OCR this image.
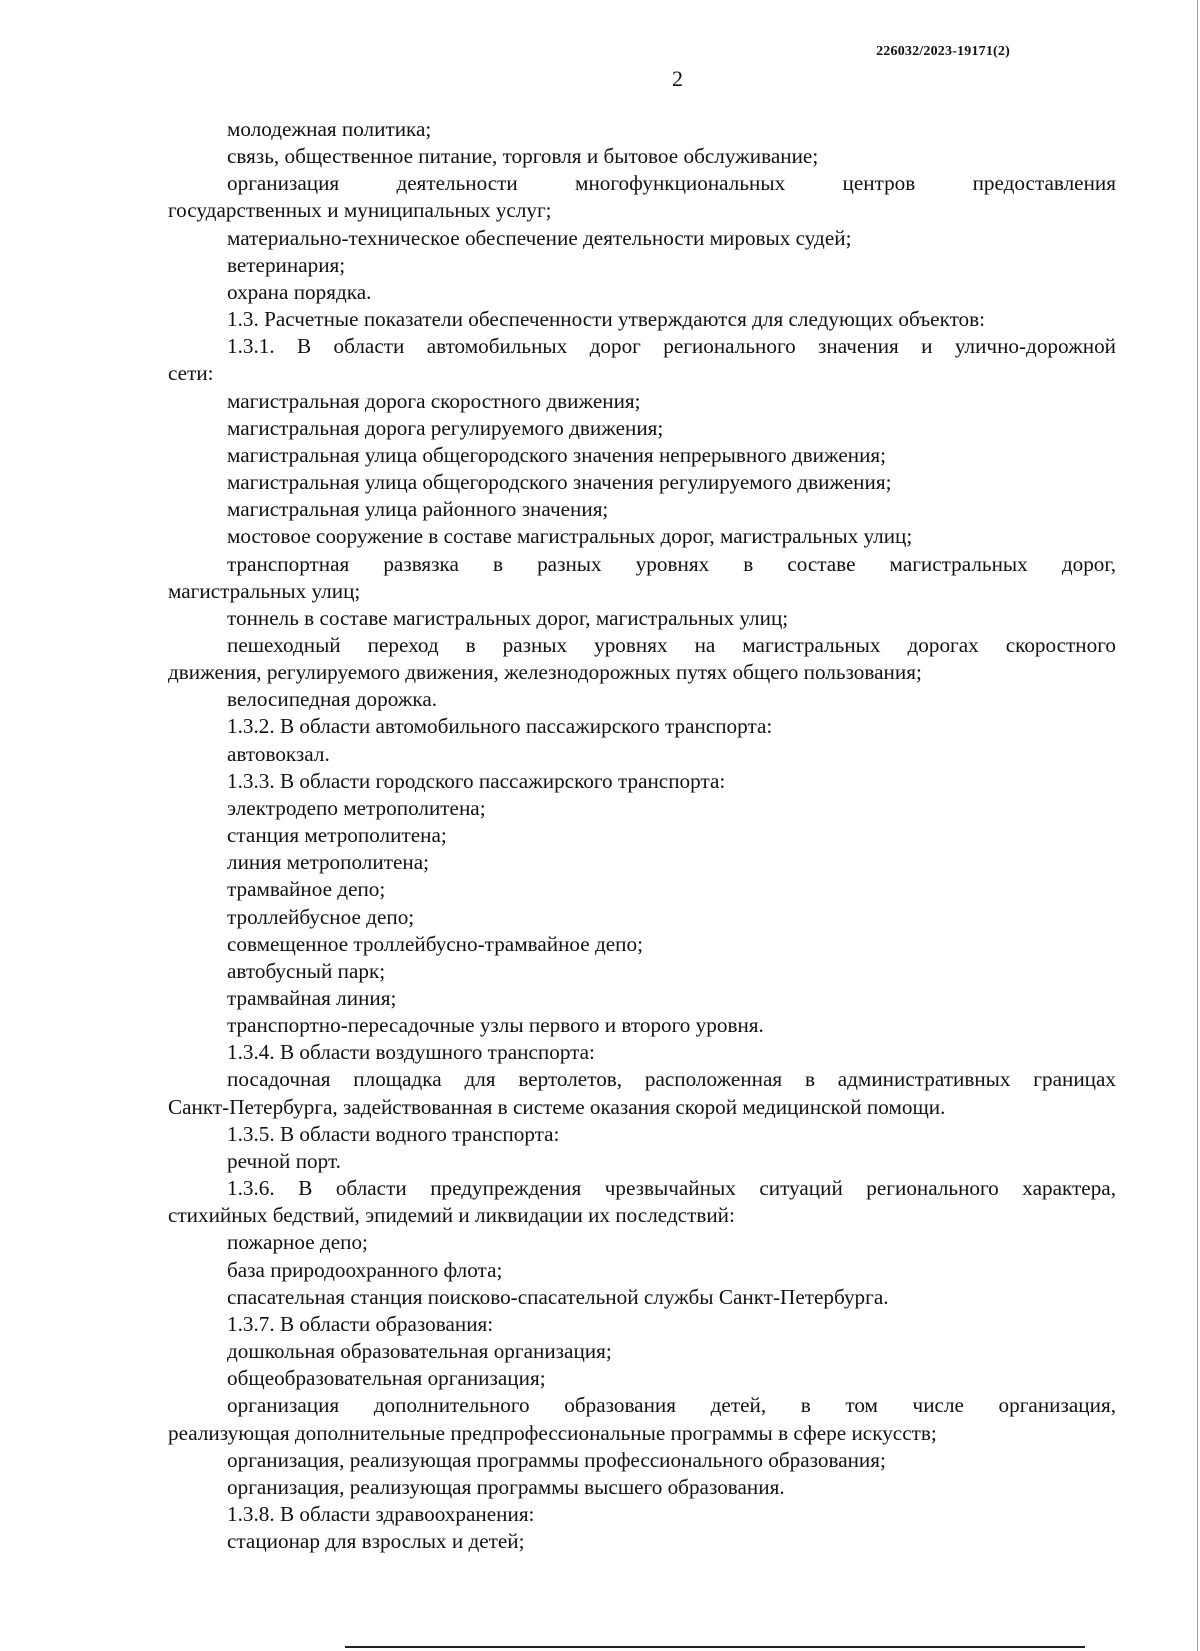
226032/2023-19171(2)
2

молодежная политика;

связь, общественное питание, торговля и бытовое обслуживание;

организация деятельности многофункциональных центров предоставления

государственных и муниципальных услуг;

материально-техническое обеспечение деятельности мировых судей;

ветеринария;

охрана порядка.

1.3. Расчетные показатели обеспеченности утверждаются для следующих объектов:

1.3.1. В области автомобильных дорог регионального значения и улично-дорожной

сети:

магистральная дорога скоростного движения;

магистральная дорога регулируемого движения;

магистральная улица общегородского значения непрерывного движения;

магистральная улица общегородского значения регулируемого движения;

магистральная улица районного значения;

мостовое сооружение в составе магистральных дорог, магистральных улиц;

транспортная развязка в разных уровнях в составе магистральных дорог,

магистральных улиц;

тоннель в составе магистральных дорог, магистральных улиц;

пешеходный переход в разных уровнях на магистральных дорогах скоростного

движения, регулируемого движения, железнодорожных путях общего пользования;

велосипедная дорожка.

1.3.2. В области автомобильного пассажирского транспорта:

автовокзал.

1.3.3. В области городского пассажирского транспорта:

электродепо метрополитена;

станция метрополитена;

линия метрополитена;

трамвайное депо;

троллейбусное депо;

совмещенное троллейбусно-трамвайное депо;

автобусный парк;

трамвайная линия;

транспортно-пересадочные узлы первого и второго уровня.

1.3.4. В области воздушного транспорта:

посадочная площадка для вертолетов, расположенная в административных границах

Санкт-Петербурга, задействованная в системе оказания скорой медицинской помощи.

1.3.5. В области водного транспорта:

речной порт.

1.3.6. В области предупреждения чрезвычайных ситуаций регионального характера,

стихийных бедствий, эпидемий и ликвидации их последствий:

пожарное депо;

база природоохранного флота;

спасательная станция поисково-спасательной службы Санкт-Петербурга.

1.3.7. В области образования:

дошкольная образовательная организация;

общеобразовательная организация;

организация дополнительного образования детей, в том числе организация,

реализующая дополнительные предпрофессиональные программы в сфере искусств;

организация, реализующая программы профессионального образования;

организация, реализующая программы высшего образования.

1.3.8. В области здравоохранения:

стационар для взрослых и детей;
